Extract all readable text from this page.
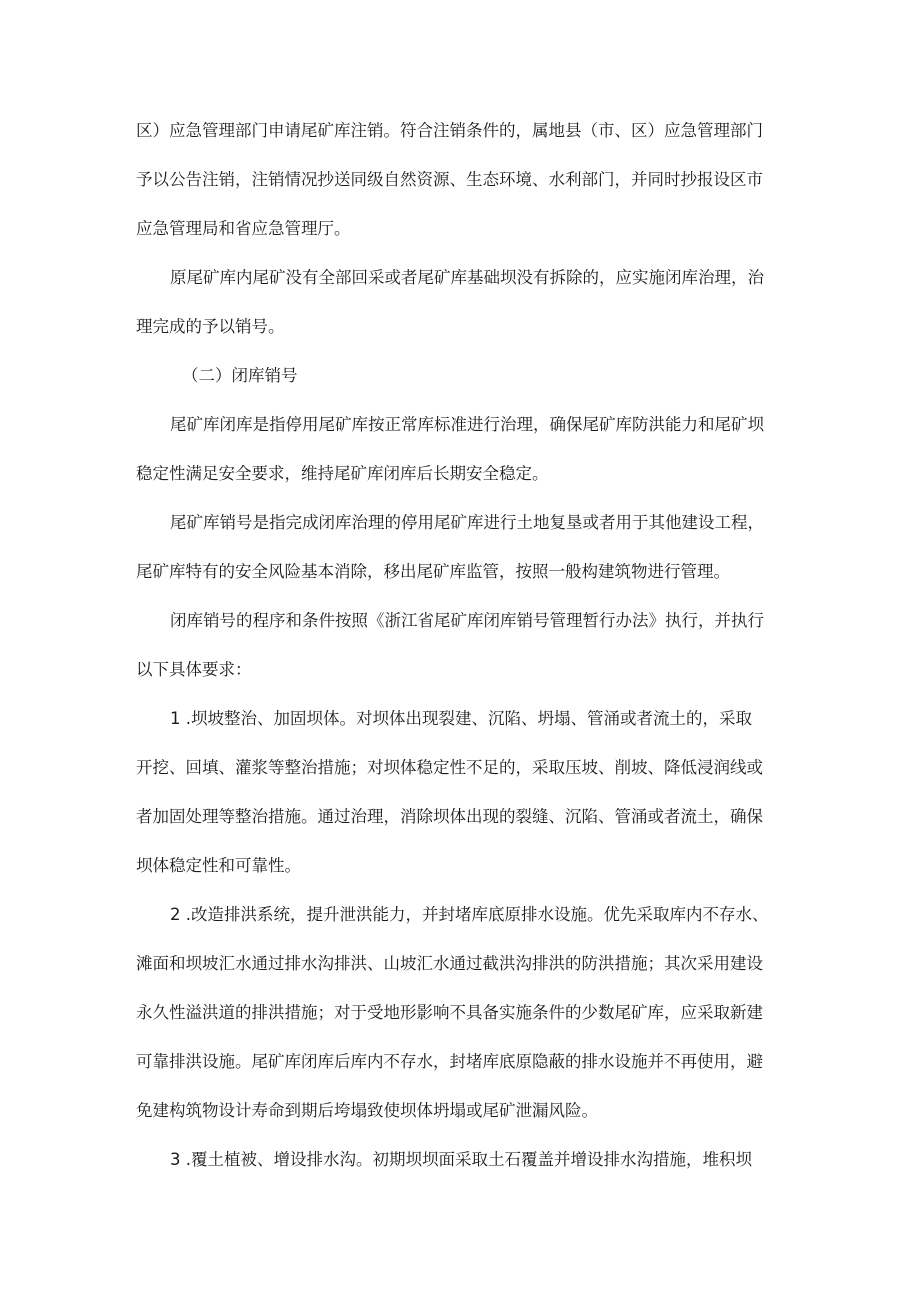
区）应急管理部门申请尾矿库注销。符合注销条件的，属地县（市、区）应急管理部门
予以公告注销，注销情况抄送同级自然资源、生态环境、水利部门，并同时抄报设区市
应急管理局和省应急管理厅。
原尾矿库内尾矿没有全部回采或者尾矿库基础坝没有拆除的，应实施闭库治理，治
理完成的予以销号。
（二）闭库销号
尾矿库闭库是指停用尾矿库按正常库标准进行治理，确保尾矿库防洪能力和尾矿坝
稳定性满足安全要求，维持尾矿库闭库后长期安全稳定。
尾矿库销号是指完成闭库治理的停用尾矿库进行土地复垦或者用于其他建设工程，
尾矿库特有的安全风险基本消除，移出尾矿库监管，按照一般构建筑物进行管理。
闭库销号的程序和条件按照《浙江省尾矿库闭库销号管理暂行办法》执行，并执行
以下具体要求：
1 .坝坡整治、加固坝体。对坝体出现裂建、沉陷、坍塌、管涌或者流土的，采取
开挖、回填、灌浆等整治措施；对坝体稳定性不足的，采取压坡、削坡、降低浸润线或
者加固处理等整治措施。通过治理，消除坝体出现的裂缝、沉陷、管涌或者流土，确保
坝体稳定性和可靠性。
2 .改造排洪系统，提升泄洪能力，并封堵库底原排水设施。优先采取库内不存水、
滩面和坝坡汇水通过排水沟排洪、山坡汇水通过截洪沟排洪的防洪措施；其次采用建设
永久性溢洪道的排洪措施；对于受地形影响不具备实施条件的少数尾矿库，应采取新建
可靠排洪设施。尾矿库闭库后库内不存水，封堵库底原隐蔽的排水设施并不再使用，避
免建构筑物设计寿命到期后垮塌致使坝体坍塌或尾矿泄漏风险。
3 .覆土植被、增设排水沟。初期坝坝面采取土石覆盖并增设排水沟措施，堆积坝
